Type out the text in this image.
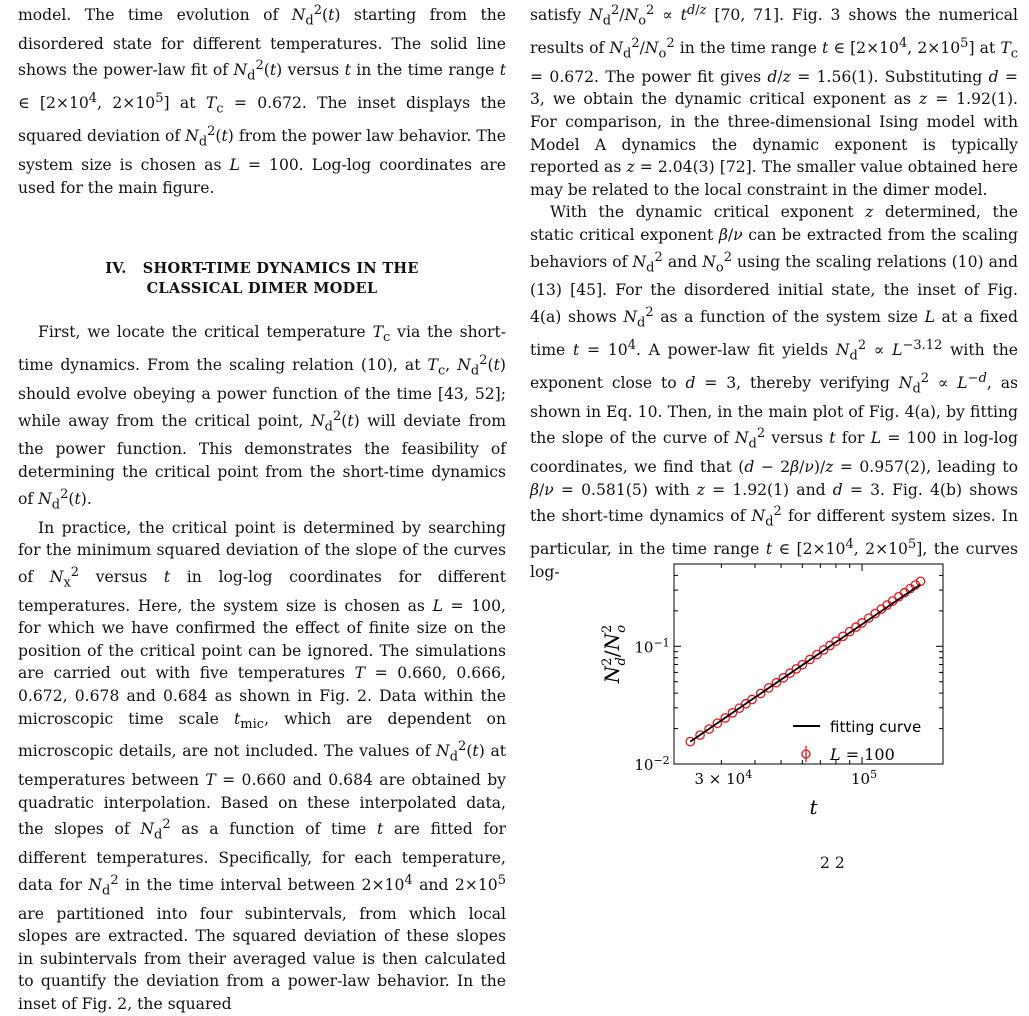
model. The time evolution of $N_d^2(t)$ starting from the disordered state for different temperatures. The solid line shows the power-law fit of $N_d^2(t)$ versus t in the time range t ∈ [$2\times 10^4$, $2\times 10^5$] at $T_c = 0.672$. The inset displays the squared deviation of $N_d^2(t)$ from the power law behavior. The system size is chosen as L = 100. Log-log coordinates are used for the main figure.

IV.   SHORT-TIME DYNAMICS IN THE
CLASSICAL DIMER MODEL

First, we locate the critical temperature $T_c$ via the short-time dynamics. From the scaling relation (10), at $T_c$, $N_d^2(t)$ should evolve obeying a power function of the time [43, 52]; while away from the critical point, $N_d^2(t)$ will deviate from the power function. This demonstrates the feasibility of determining the critical point from the short-time dynamics of $N_d^2(t)$.

In practice, the critical point is determined by searching for the minimum squared deviation of the slope of the curves of $N_x^2$ versus t in log-log coordinates for different temperatures. Here, the system size is chosen as L = 100, for which we have confirmed the effect of finite size on the position of the critical point can be ignored. The simulations are carried out with five temperatures T = 0.660, 0.666, 0.672, 0.678 and 0.684 as shown in Fig. 2. Data within the microscopic time scale $t_{mic}$, which are dependent on microscopic details, are not included. The values of $N_d^2(t)$ at temperatures between T = 0.660 and 0.684 are obtained by quadratic interpolation. Based on these interpolated data, the slopes of $N_d^2$ as a function of time t are fitted for different temperatures. Specifically, for each temperature, data for $N_d^2$ in the time interval between $2\times 10^4$ and $2\times 10^5$ are partitioned into four subintervals, from which local slopes are extracted. The squared deviation of these slopes in subintervals from their averaged value is then calculated to quantify the deviation from a power-law behavior. In the inset of Fig. 2, the squared

satisfy $N_d^2/N_o^2 \propto t^{d/z}$ [70, 71]. Fig. 3 shows the numerical results of $N_d^2/N_o^2$ in the time range t ∈ [$2\times 10^4$, $2\times 10^5$] at $T_c = 0.672$. The power fit gives d/z = 1.56(1). Substituting d = 3, we obtain the dynamic critical exponent as z = 1.92(1). For comparison, in the three-dimensional Ising model with Model A dynamics the dynamic exponent is typically reported as z = 2.04(3) [72]. The smaller value obtained here may be related to the local constraint in the dimer model.

With the dynamic critical exponent z determined, the static critical exponent β/ν can be extracted from the scaling behaviors of $N_d^2$ and $N_o^2$ using the scaling relations (10) and (13) [45]. For the disordered initial state, the inset of Fig. 4(a) shows $N_d^2$ as a function of the system size L at a fixed time $t = 10^4$. A power-law fit yields $N_d^2 \propto L^{-3.12}$ with the exponent close to d = 3, thereby verifying $N_d^2 \propto L^{-d}$, as shown in Eq. 10. Then, in the main plot of Fig. 4(a), by fitting the slope of the curve of $N_d^2$ versus t for L = 100 in log-log coordinates, we find that (d − 2β/ν)/z = 0.957(2), leading to β/ν = 0.581(5) with z = 1.92(1) and d = 3. Fig. 4(b) shows the short-time dynamics of $N_d^2$ for different system sizes. In particular, in the time range t ∈ [$2\times 10^4$, $2\times 10^5$], the curves log-

$3 \times 10^4$	$10^5$
$10^{-2}$
$10^{-1}$
t
$N^2d/N^2o$
fitting curve
L = 100
2 2
